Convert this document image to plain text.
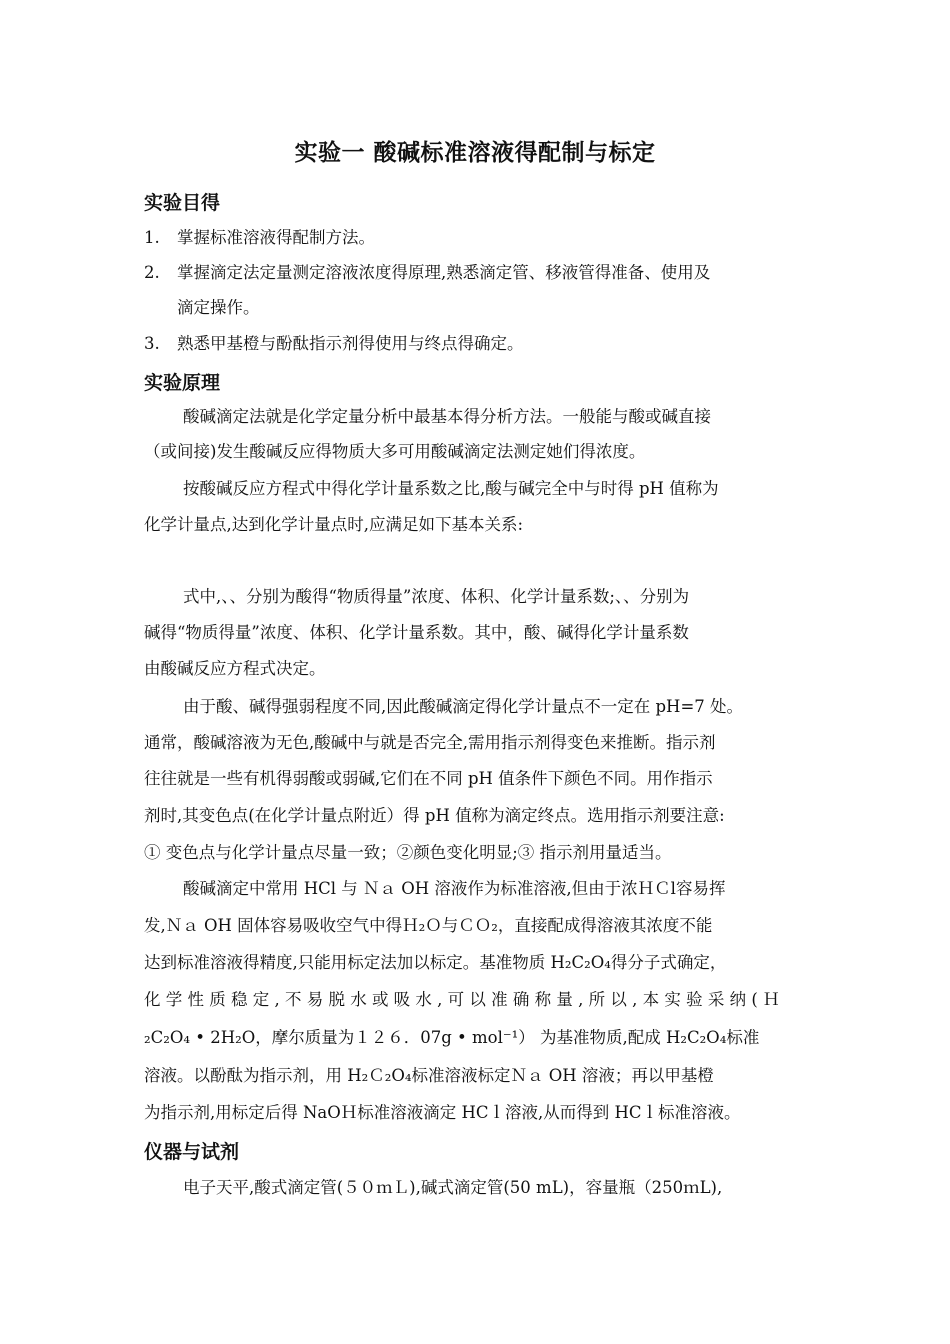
实验一 酸碱标准溶液得配制与标定
实验目得
1. 掌握标准溶液得配制方法。
2. 掌握滴定法定量测定溶液浓度得原理,熟悉滴定管、移液管得准备、使用及
滴定操作。
3. 熟悉甲基橙与酚酞指示剂得使用与终点得确定。
实验原理
酸碱滴定法就是化学定量分析中最基本得分析方法。一般能与酸或碱直接
（或间接)发生酸碱反应得物质大多可用酸碱滴定法测定她们得浓度。
按酸碱反应方程式中得化学计量系数之比,酸与碱完全中与时得 pH 值称为
化学计量点,达到化学计量点时,应满足如下基本关系:
式中,、、分别为酸得“物质得量”浓度、体积、化学计量系数;、、分别为
碱得“物质得量”浓度、体积、化学计量系数。其中，酸、碱得化学计量系数
由酸碱反应方程式决定。
由于酸、碱得强弱程度不同,因此酸碱滴定得化学计量点不一定在 pH=7 处。
通常，酸碱溶液为无色,酸碱中与就是否完全,需用指示剂得变色来推断。指示剂
往往就是一些有机得弱酸或弱碱,它们在不同 pH 值条件下颜色不同。用作指示
剂时,其变色点(在化学计量点附近）得 pH 值称为滴定终点。选用指示剂要注意:
① 变色点与化学计量点尽量一致；②颜色变化明显;③ 指示剂用量适当。
酸碱滴定中常用 HCl 与 Ｎａ OH 溶液作为标准溶液,但由于浓ＨＣl容易挥
发,Ｎａ OH 固体容易吸收空气中得Ｈ₂Ｏ与ＣＯ₂，直接配成得溶液其浓度不能
达到标准溶液得精度,只能用标定法加以标定。基准物质 H₂C₂O₄得分子式确定，
化 学 性 质 稳 定 , 不 易 脱 水 或 吸 水 , 可 以 准 确 称 量 , 所 以 , 本 实 验 采 纳 ( Ｈ
₂C₂O₄ • 2H₂O，摩尔质量为１２６．07g • mol⁻¹） 为基准物质,配成 H₂C₂O₄标准
溶液。以酚酞为指示剂，用 H₂Ｃ₂O₄标准溶液标定Ｎａ OH 溶液；再以甲基橙
为指示剂,用标定后得 NaOＨ标准溶液滴定 HCｌ溶液,从而得到 HCｌ标准溶液。
仪器与试剂
电子天平,酸式滴定管(５０ｍＬ),碱式滴定管(50 mL)，容量瓶（250ｍL),
